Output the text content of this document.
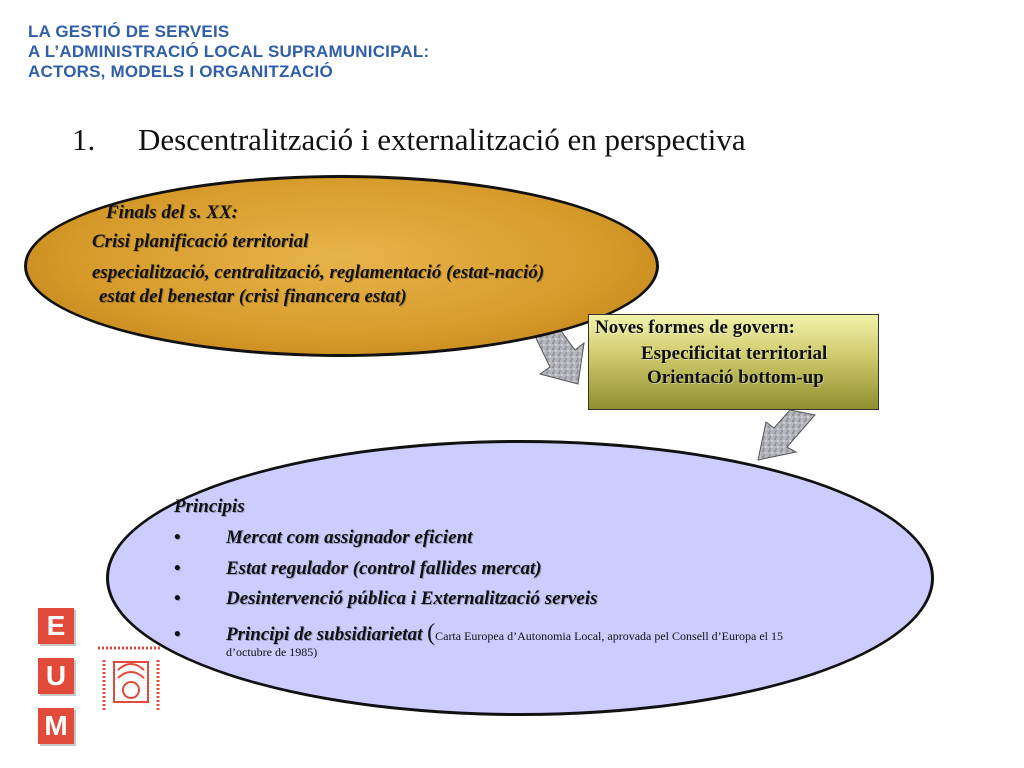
LA GESTIÓ DE SERVEIS
A L’ADMINISTRACIÓ LOCAL SUPRAMUNICIPAL:
ACTORS, MODELS I ORGANITZACIÓ
1. Descentralització i externalització en perspectiva
Finals del s. XX:
Crisi planificació territorial
especialització, centralització, reglamentació (estat-nació)
estat del benestar (crisi financera estat)
Noves formes de govern:
Especificitat territorial
Orientació bottom-up
Principis
• Mercat com assignador eficient
• Estat regulador (control fallides mercat)
• Desintervenció pública i Externalització serveis
• Principi de subsidiarietat (Carta Europea d’Autonomia Local, aprovada pel Consell d’Europa el 15
d’octubre de 1985)
E
U
M
